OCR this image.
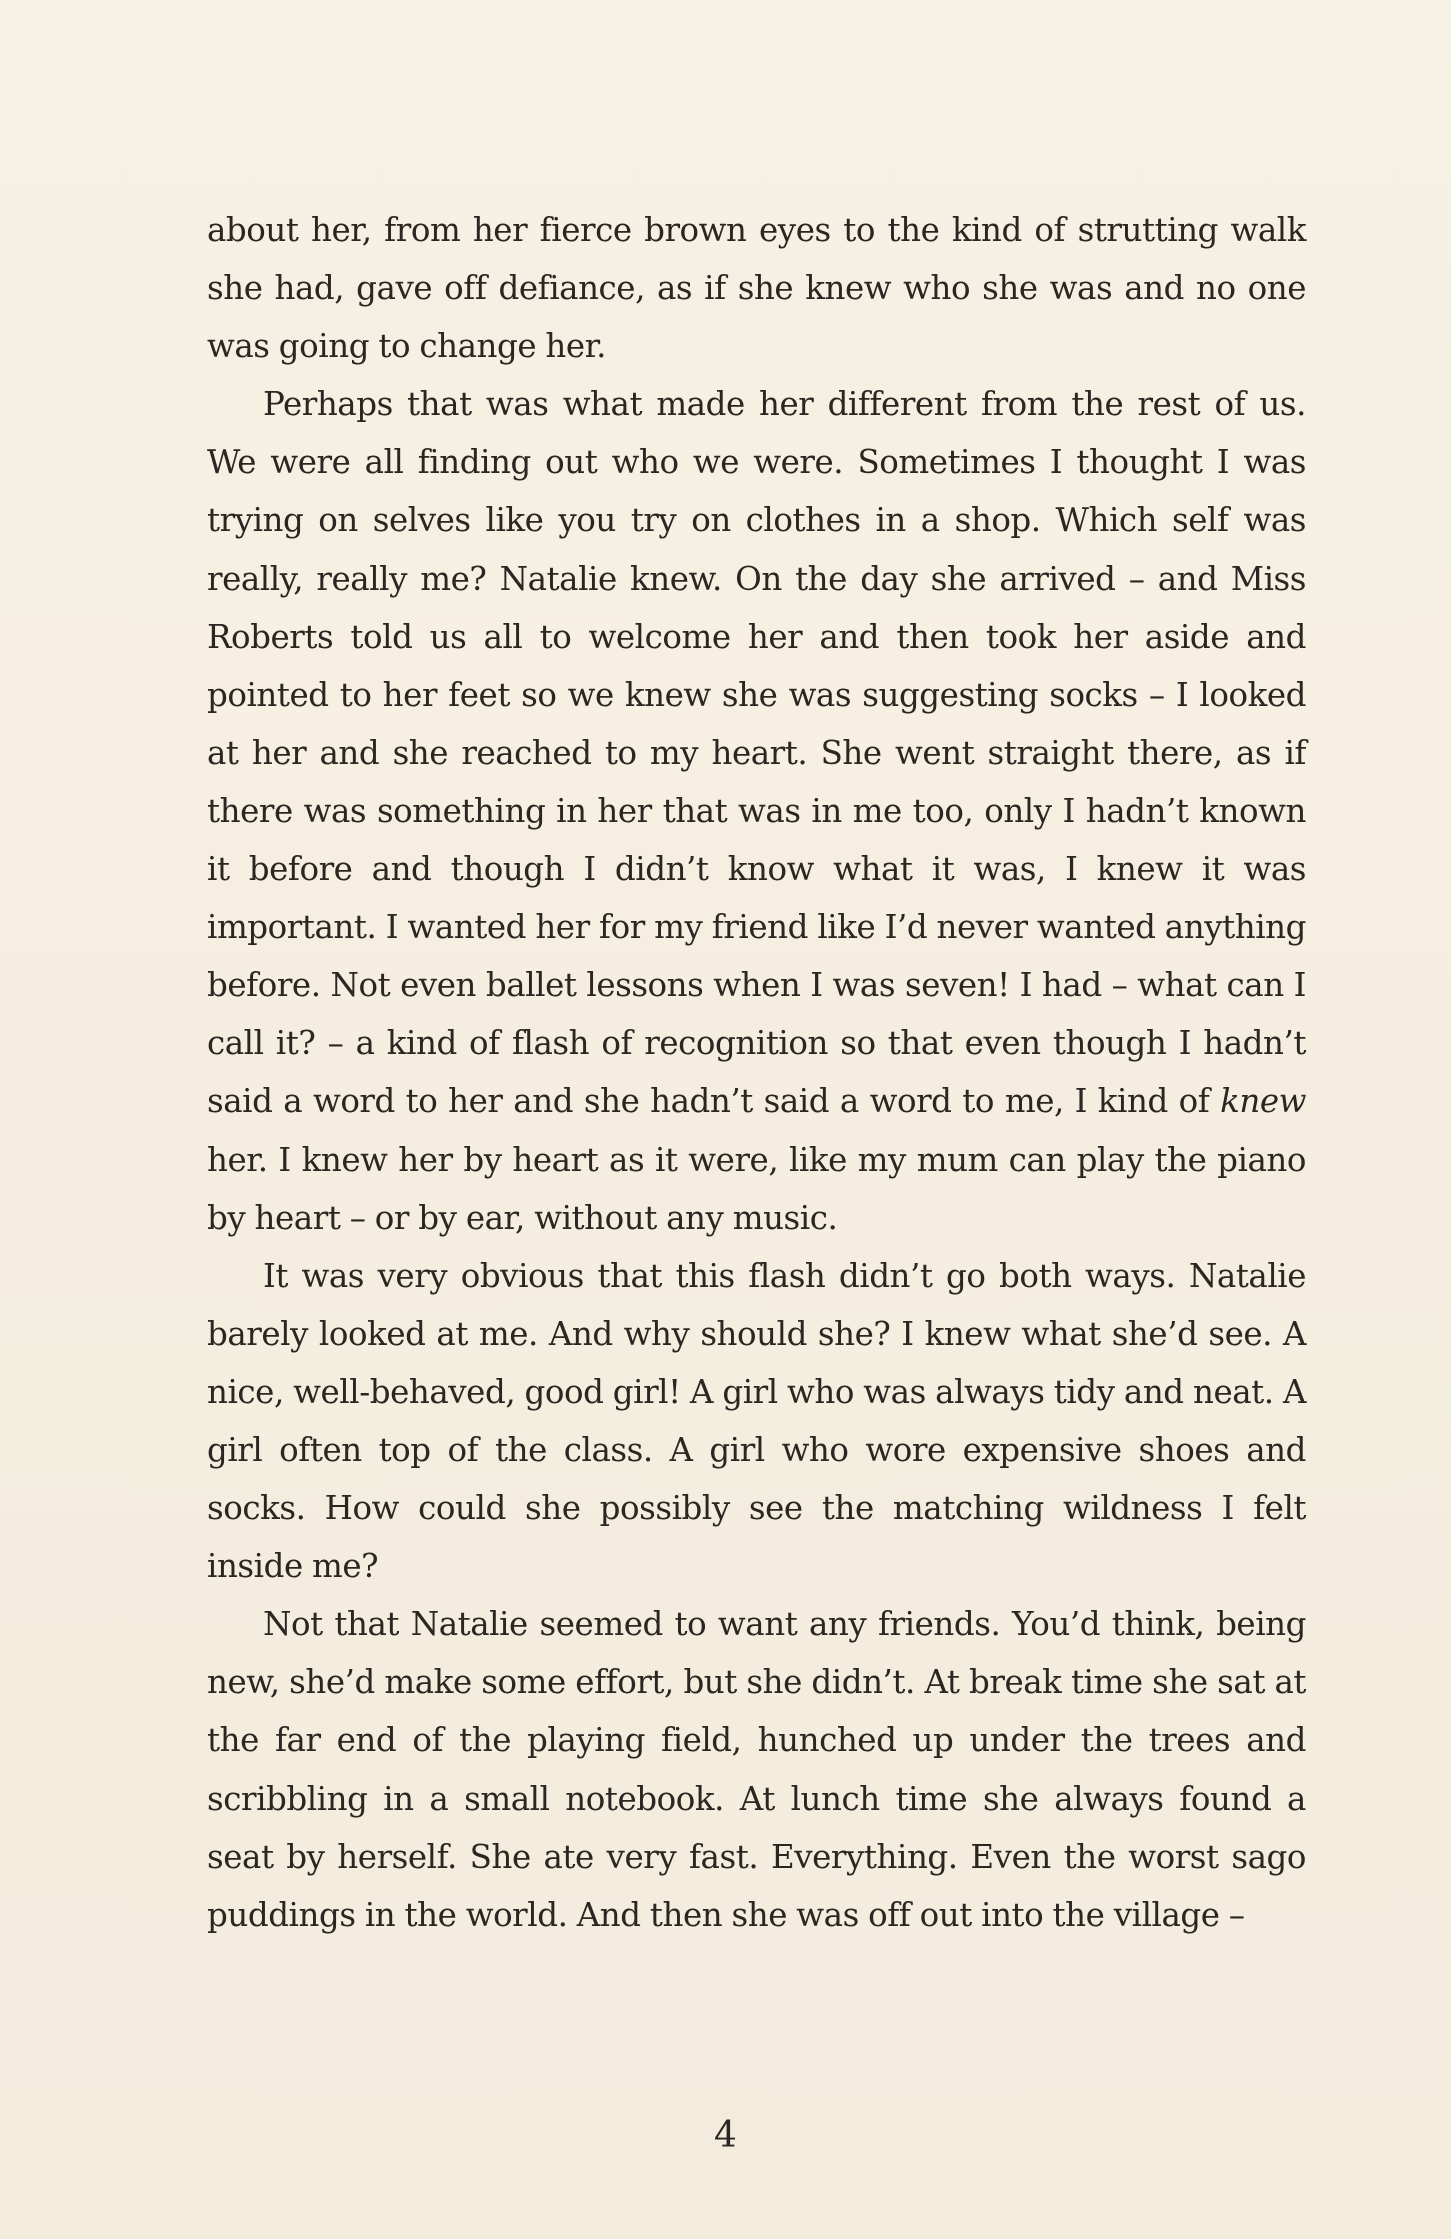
about her, from her fierce brown eyes to the kind of strutting walk she had, gave off defiance, as if she knew who she was and no one was going to change her.

Perhaps that was what made her different from the rest of us. We were all finding out who we were. Sometimes I thought I was trying on selves like you try on clothes in a shop. Which self was really, really me? Natalie knew. On the day she arrived – and Miss Roberts told us all to welcome her and then took her aside and pointed to her feet so we knew she was suggesting socks – I looked at her and she reached to my heart. She went straight there, as if there was something in her that was in me too, only I hadn’t known it before and though I didn’t know what it was, I knew it was important. I wanted her for my friend like I’d never wanted anything before. Not even ballet lessons when I was seven! I had – what can I call it? – a kind of flash of recognition so that even though I hadn’t said a word to her and she hadn’t said a word to me, I kind of knew her. I knew her by heart as it were, like my mum can play the piano by heart – or by ear, without any music.

It was very obvious that this flash didn’t go both ways. Natalie barely looked at me. And why should she? I knew what she’d see. A nice, well-behaved, good girl! A girl who was always tidy and neat. A girl often top of the class. A girl who wore expensive shoes and socks. How could she possibly see the matching wildness I felt inside me?

Not that Natalie seemed to want any friends. You’d think, being new, she’d make some effort, but she didn’t. At break time she sat at the far end of the playing field, hunched up under the trees and scribbling in a small notebook. At lunch time she always found a seat by herself. She ate very fast. Everything. Even the worst sago puddings in the world. And then she was off out into the village –

4
